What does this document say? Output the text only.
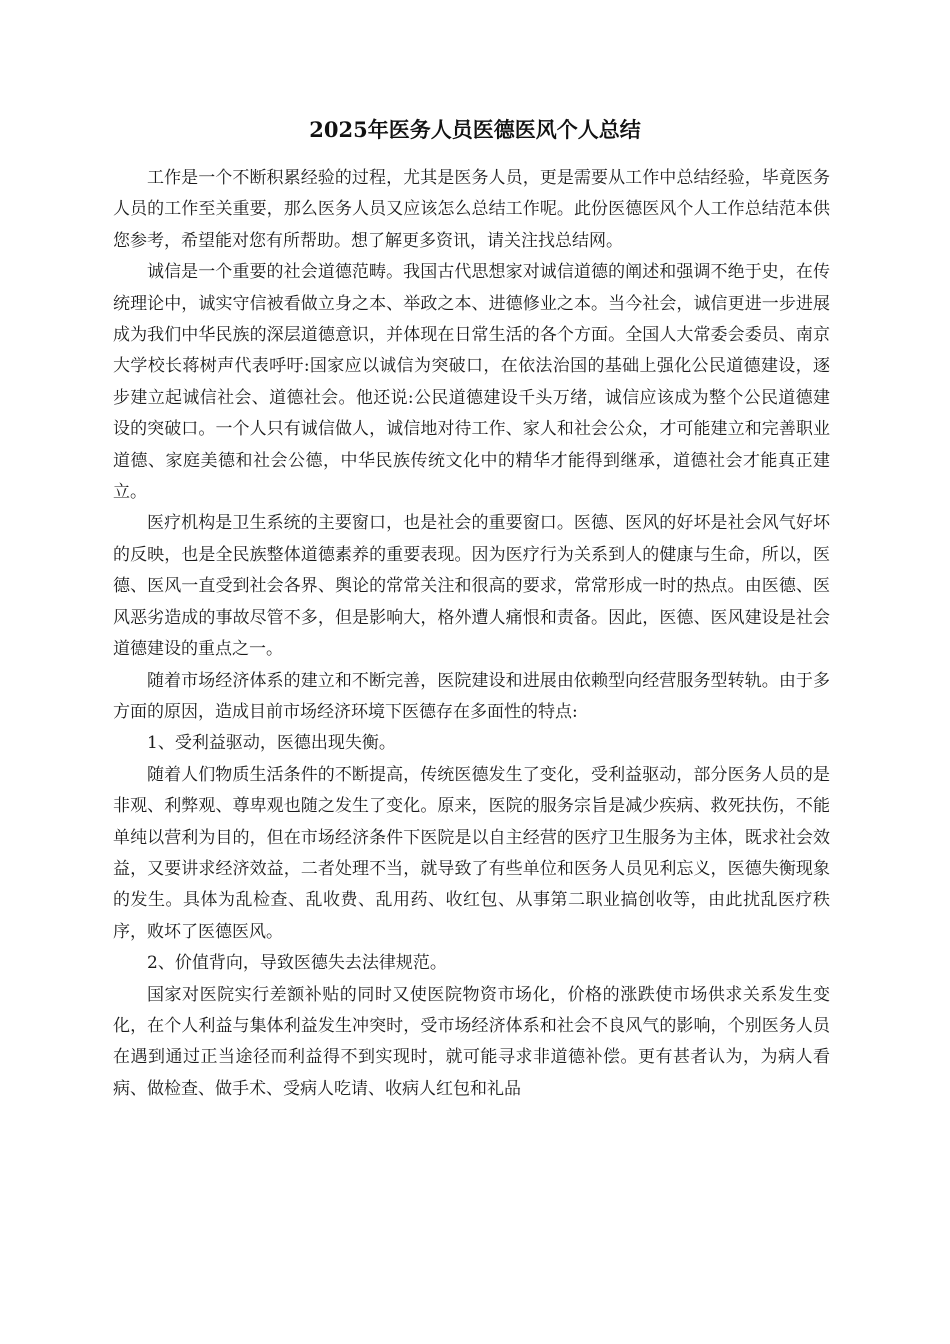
2025年医务人员医德医风个人总结

工作是一个不断积累经验的过程，尤其是医务人员，更是需要从工作中总结经验，毕竟医务人员的工作至关重要，那么医务人员又应该怎么总结工作呢。此份医德医风个人工作总结范本供您参考，希望能对您有所帮助。想了解更多资讯，请关注找总结网。

诚信是一个重要的社会道德范畴。我国古代思想家对诚信道德的阐述和强调不绝于史，在传统理论中，诚实守信被看做立身之本、举政之本、进德修业之本。当今社会，诚信更进一步进展成为我们中华民族的深层道德意识，并体现在日常生活的各个方面。全国人大常委会委员、南京大学校长蒋树声代表呼吁:国家应以诚信为突破口，在依法治国的基础上强化公民道德建设，逐步建立起诚信社会、道德社会。他还说:公民道德建设千头万绪，诚信应该成为整个公民道德建设的突破口。一个人只有诚信做人，诚信地对待工作、家人和社会公众，才可能建立和完善职业道德、家庭美德和社会公德，中华民族传统文化中的精华才能得到继承，道德社会才能真正建立。

医疗机构是卫生系统的主要窗口，也是社会的重要窗口。医德、医风的好坏是社会风气好坏的反映，也是全民族整体道德素养的重要表现。因为医疗行为关系到人的健康与生命，所以，医德、医风一直受到社会各界、舆论的常常关注和很高的要求，常常形成一时的热点。由医德、医风恶劣造成的事故尽管不多，但是影响大，格外遭人痛恨和责备。因此，医德、医风建设是社会道德建设的重点之一。

随着市场经济体系的建立和不断完善，医院建设和进展由依赖型向经营服务型转轨。由于多方面的原因，造成目前市场经济环境下医德存在多面性的特点:

1、受利益驱动，医德出现失衡。

随着人们物质生活条件的不断提高，传统医德发生了变化，受利益驱动，部分医务人员的是非观、利弊观、尊卑观也随之发生了变化。原来，医院的服务宗旨是减少疾病、救死扶伤，不能单纯以营利为目的，但在市场经济条件下医院是以自主经营的医疗卫生服务为主体，既求社会效益，又要讲求经济效益，二者处理不当，就导致了有些单位和医务人员见利忘义，医德失衡现象的发生。具体为乱检查、乱收费、乱用药、收红包、从事第二职业搞创收等，由此扰乱医疗秩序，败坏了医德医风。

2、价值背向，导致医德失去法律规范。

国家对医院实行差额补贴的同时又使医院物资市场化，价格的涨跌使市场供求关系发生变化，在个人利益与集体利益发生冲突时，受市场经济体系和社会不良风气的影响，个别医务人员在遇到通过正当途径而利益得不到实现时，就可能寻求非道德补偿。更有甚者认为，为病人看病、做检查、做手术、受病人吃请、收病人红包和礼品
